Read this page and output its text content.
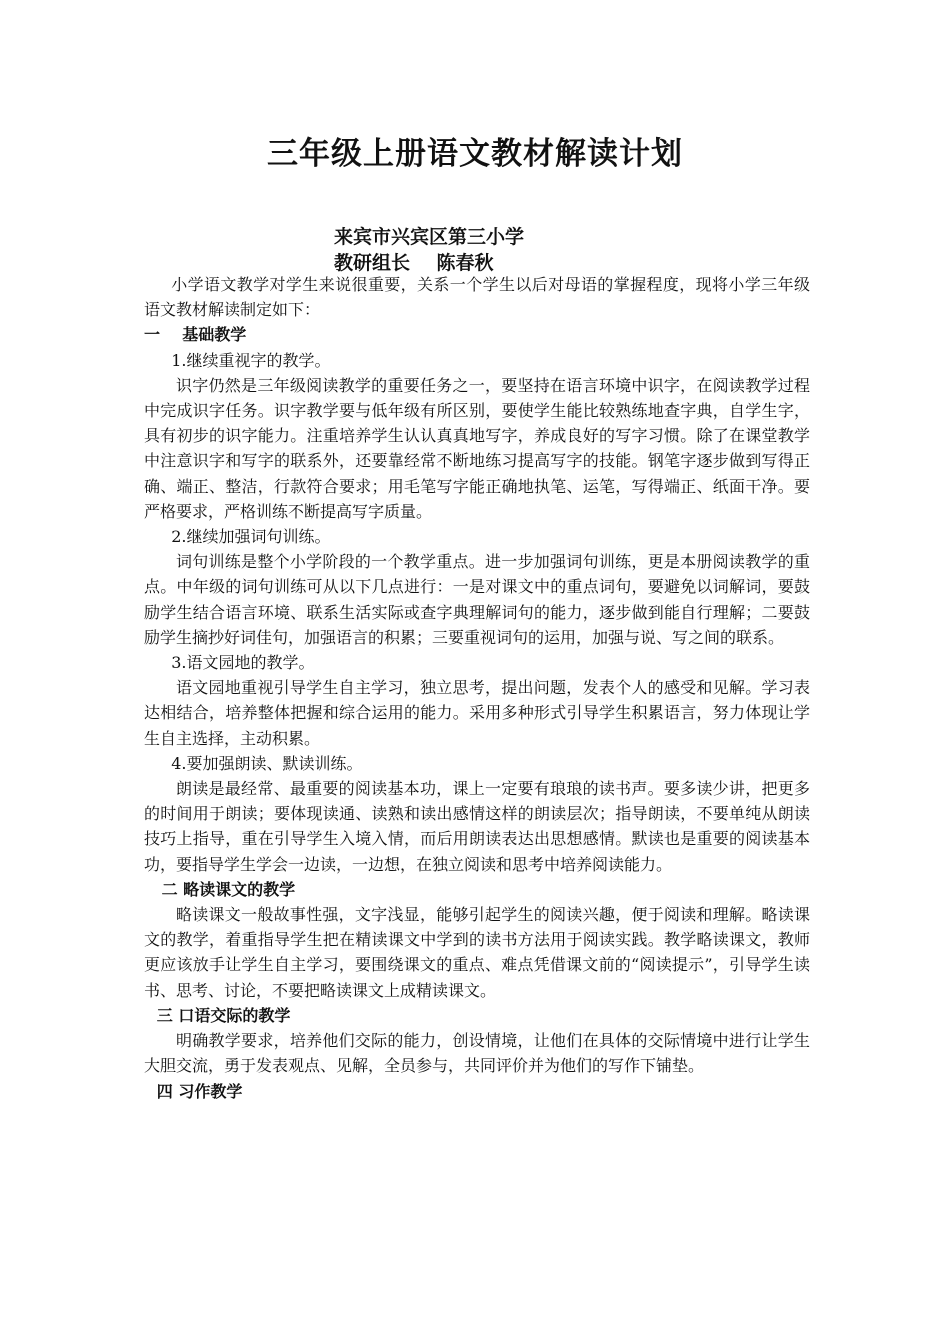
三年级上册语文教材解读计划
来宾市兴宾区第三小学
教研组长    陈春秋

小学语文教学对学生来说很重要，关系一个学生以后对母语的掌握程度，现将小学三年级语文教材解读制定如下：

一    基础教学

1.继续重视字的教学。

识字仍然是三年级阅读教学的重要任务之一，要坚持在语言环境中识字，在阅读教学过程中完成识字任务。识字教学要与低年级有所区别，要使学生能比较熟练地查字典，自学生字，具有初步的识字能力。注重培养学生认认真真地写字，养成良好的写字习惯。除了在课堂教学中注意识字和写字的联系外，还要靠经常不断地练习提高写字的技能。钢笔字逐步做到写得正确、端正、整洁，行款符合要求；用毛笔写字能正确地执笔、运笔，写得端正、纸面干净。要严格要求，严格训练不断提高写字质量。

2.继续加强词句训练。

词句训练是整个小学阶段的一个教学重点。进一步加强词句训练，更是本册阅读教学的重点。中年级的词句训练可从以下几点进行：一是对课文中的重点词句，要避免以词解词，要鼓励学生结合语言环境、联系生活实际或查字典理解词句的能力，逐步做到能自行理解；二要鼓励学生摘抄好词佳句，加强语言的积累；三要重视词句的运用，加强与说、写之间的联系。

3.语文园地的教学。

语文园地重视引导学生自主学习，独立思考，提出问题，发表个人的感受和见解。学习表达相结合，培养整体把握和综合运用的能力。采用多种形式引导学生积累语言，努力体现让学生自主选择，主动积累。

4.要加强朗读、默读训练。

朗读是最经常、最重要的阅读基本功，课上一定要有琅琅的读书声。要多读少讲，把更多的时间用于朗读；要体现读通、读熟和读出感情这样的朗读层次；指导朗读，不要单纯从朗读技巧上指导，重在引导学生入境入情，而后用朗读表达出思想感情。默读也是重要的阅读基本功，要指导学生学会一边读，一边想，在独立阅读和思考中培养阅读能力。

二 略读课文的教学

略读课文一般故事性强，文字浅显，能够引起学生的阅读兴趣，便于阅读和理解。略读课文的教学，着重指导学生把在精读课文中学到的读书方法用于阅读实践。教学略读课文，教师更应该放手让学生自主学习，要围绕课文的重点、难点凭借课文前的“阅读提示”，引导学生读书、思考、讨论，不要把略读课文上成精读课文。

三 口语交际的教学

明确教学要求，培养他们交际的能力，创设情境，让他们在具体的交际情境中进行让学生大胆交流，勇于发表观点、见解，全员参与，共同评价并为他们的写作下铺垫。

四 习作教学
